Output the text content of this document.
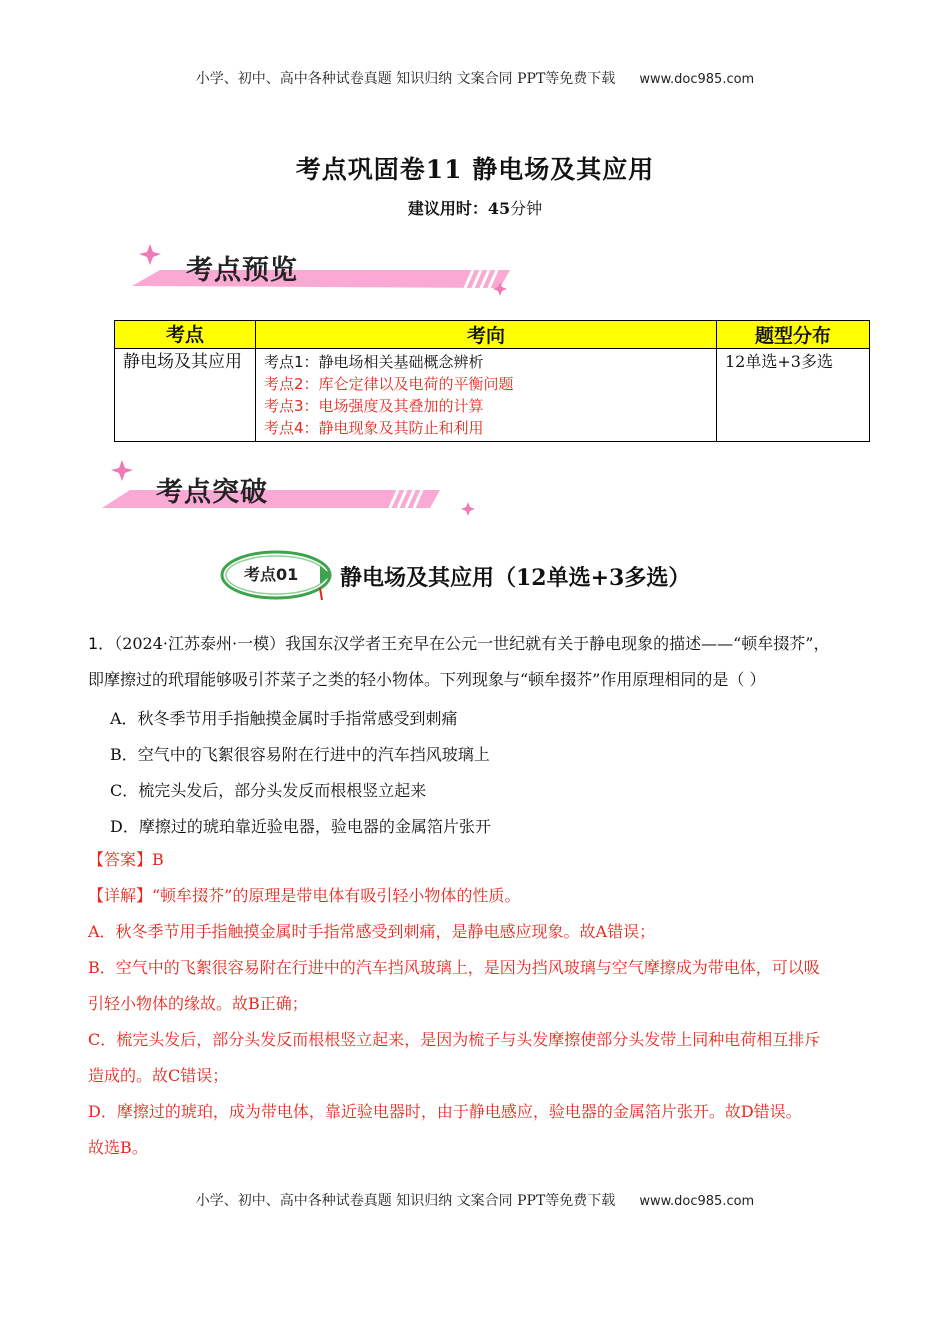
小学、初中、高中各种试卷真题 知识归纳 文案合同 PPT等免费下载 www.doc985.com
考点巩固卷11 静电场及其应用
建议用时：45分钟
考点预览
考点	考向	题型分布
静电场及其应用	考点1：静电场相关基础概念辨析
考点2：库仑定律以及电荷的平衡问题
考点3：电场强度及其叠加的计算
考点4：静电现象及其防止和利用	12单选+3多选
考点突破
考点01 静电场及其应用（12单选+3多选）
1．（2024·江苏泰州·一模）我国东汉学者王充早在公元一世纪就有关于静电现象的描述——“顿牟掇芥”，
即摩擦过的玳瑁能够吸引芥菜子之类的轻小物体。下列现象与“顿牟掇芥”作用原理相同的是（ ）
A．秋冬季节用手指触摸金属时手指常感受到刺痛
B．空气中的飞絮很容易附在行进中的汽车挡风玻璃上
C．梳完头发后，部分头发反而根根竖立起来
D．摩擦过的琥珀靠近验电器，验电器的金属箔片张开
【答案】B
【详解】“顿牟掇芥”的原理是带电体有吸引轻小物体的性质。
A．秋冬季节用手指触摸金属时手指常感受到刺痛，是静电感应现象。故A错误；
B．空气中的飞絮很容易附在行进中的汽车挡风玻璃上，是因为挡风玻璃与空气摩擦成为带电体，可以吸
引轻小物体的缘故。故B正确；
C．梳完头发后，部分头发反而根根竖立起来，是因为梳子与头发摩擦使部分头发带上同种电荷相互排斥
造成的。故C错误；
D．摩擦过的琥珀，成为带电体，靠近验电器时，由于静电感应，验电器的金属箔片张开。故D错误。
故选B。
小学、初中、高中各种试卷真题 知识归纳 文案合同 PPT等免费下载 www.doc985.com
